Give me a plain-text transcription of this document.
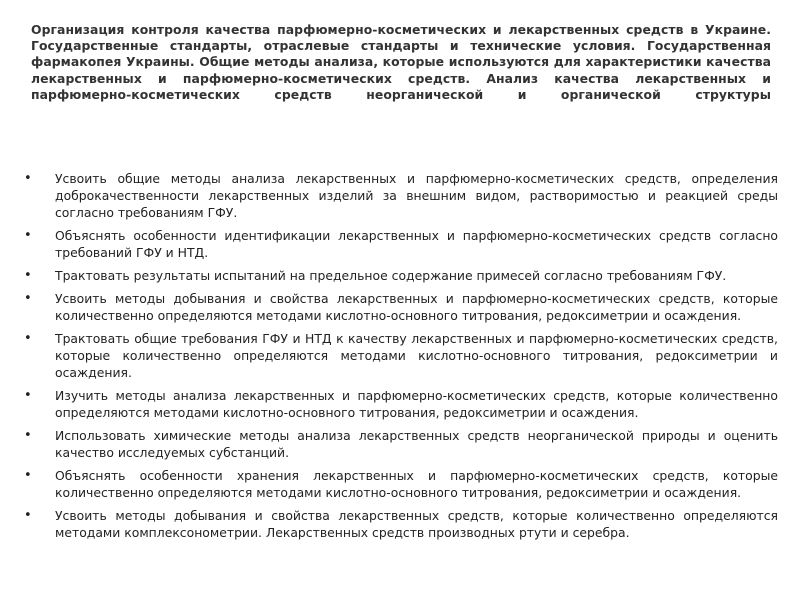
Организация контроля качества парфюмерно-косметических и лекарственных средств в Украине. Государственные стандарты, отраслевые стандарты и технические условия. Государственная фармакопея Украины. Общие методы анализа, которые используются для характеристики качества лекарственных и парфюмерно-косметических средств. Анализ качества лекарственных и парфюмерно-косметических средств неорганической и органической структуры

• Усвоить общие методы анализа лекарственных и парфюмерно-косметических средств, определения доброкачественности лекарственных изделий за внешним видом, растворимостью и реакцией среды согласно требованиям ГФУ.
• Объяснять особенности идентификации лекарственных и парфюмерно-косметических средств согласно требований ГФУ и НТД.
• Трактовать результаты испытаний на предельное содержание примесей согласно требованиям ГФУ.
• Усвоить методы добывания и свойства лекарственных и парфюмерно-косметических средств, которые количественно определяются методами кислотно-основного титрования, редоксиметрии и осаждения.
• Трактовать общие требования ГФУ и НТД к качеству лекарственных и парфюмерно-косметических средств, которые количественно определяются методами кислотно-основного титрования, редоксиметрии и осаждения.
• Изучить методы анализа лекарственных и парфюмерно-косметических средств, которые количественно определяются методами кислотно-основного титрования, редоксиметрии и осаждения.
• Использовать химические методы анализа лекарственных средств неорганической природы и оценить качество исследуемых субстанций.
• Объяснять особенности хранения лекарственных и парфюмерно-косметических средств, которые количественно определяются методами кислотно-основного титрования, редоксиметрии и осаждения.
• Усвоить методы добывания и свойства лекарственных средств, которые количественно определяются методами комплексонометрии. Лекарственных средств производных ртути и серебра.
